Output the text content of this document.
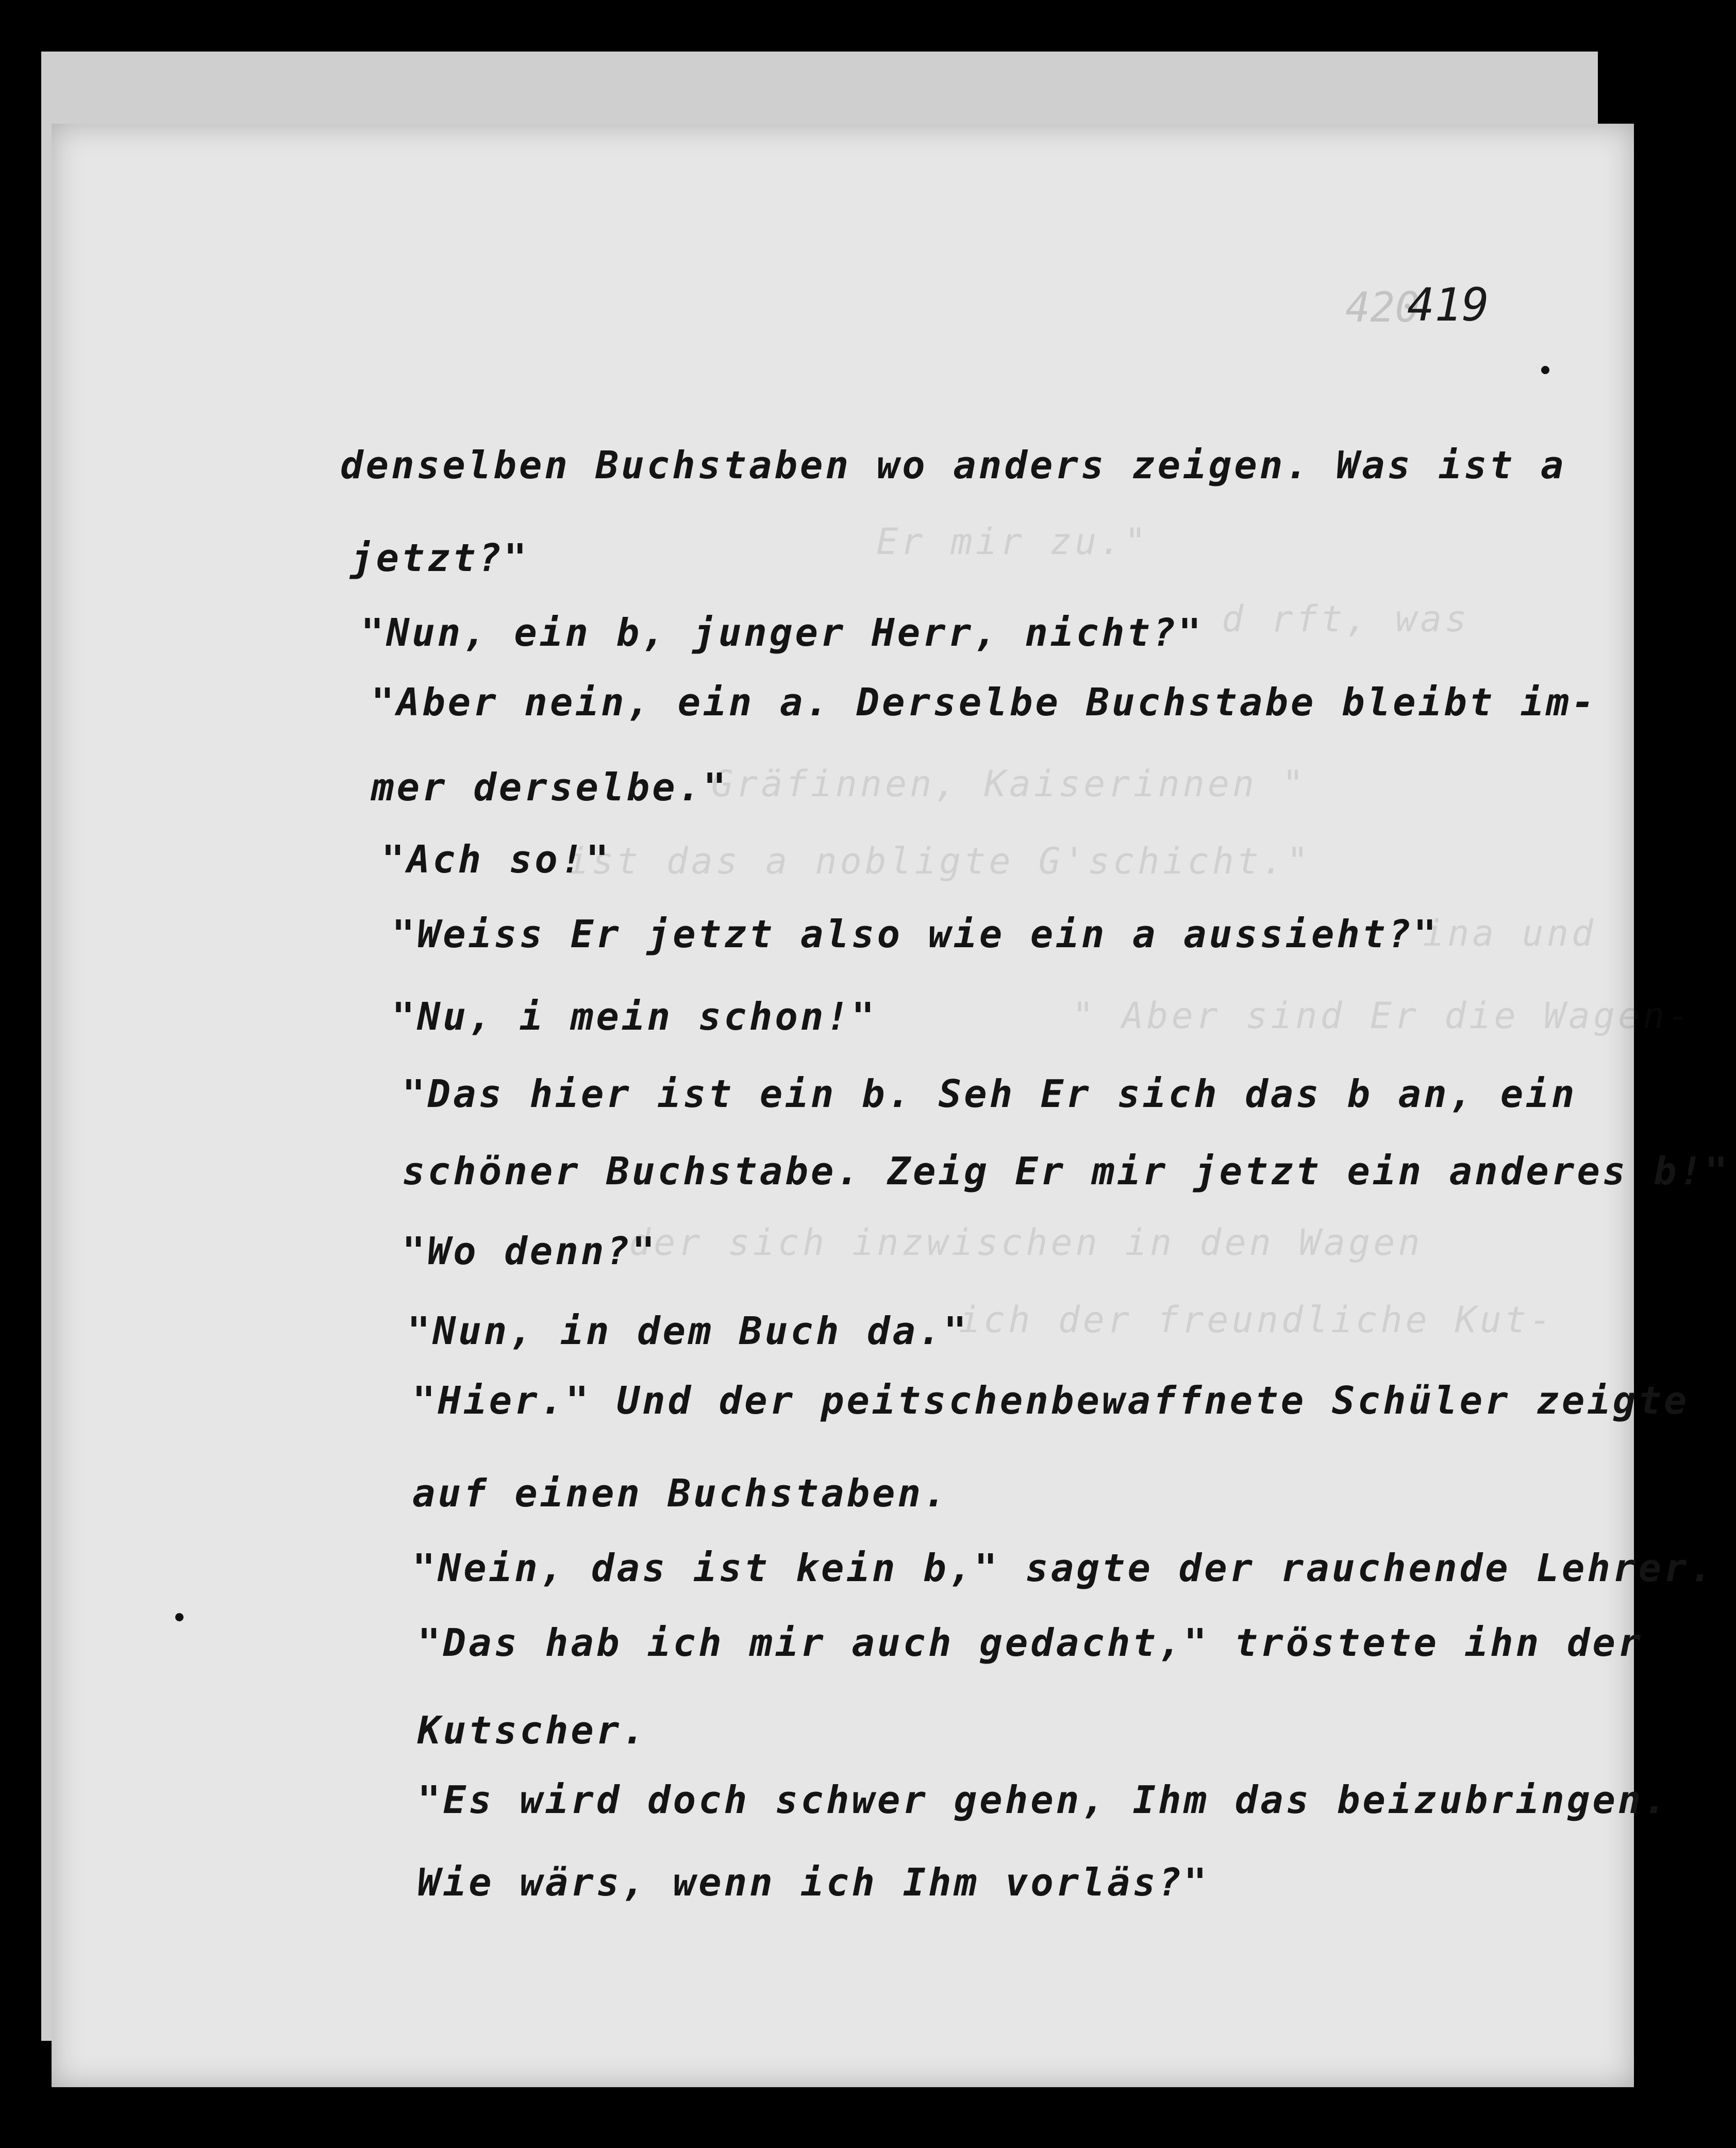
Er mir zu."
d rft, was
Gräfinnen, Kaiserinnen "
ist das a nobligte G'schicht."
ina und
" Aber sind Er die Wagen-
der sich inzwischen in den Wagen
ich der freundliche Kut-
420
419
denselben Buchstaben wo anders zeigen. Was ist a
jetzt?"
"Nun, ein b, junger Herr, nicht?"
"Aber nein, ein a. Derselbe Buchstabe bleibt im-
mer derselbe."
"Ach so!"
"Weiss Er jetzt also wie ein a aussieht?"
"Nu, i mein schon!"
"Das hier ist ein b. Seh Er sich das b an, ein
schöner Buchstabe. Zeig Er mir jetzt ein anderes b!"
"Wo denn?"
"Nun, in dem Buch da."
"Hier." Und der peitschenbewaffnete Schüler zeigte
auf einen Buchstaben.
"Nein, das ist kein b," sagte der rauchende Lehrer.
"Das hab ich mir auch gedacht," tröstete ihn der
Kutscher.
"Es wird doch schwer gehen, Ihm das beizubringen.
Wie wärs, wenn ich Ihm vorläs?"
